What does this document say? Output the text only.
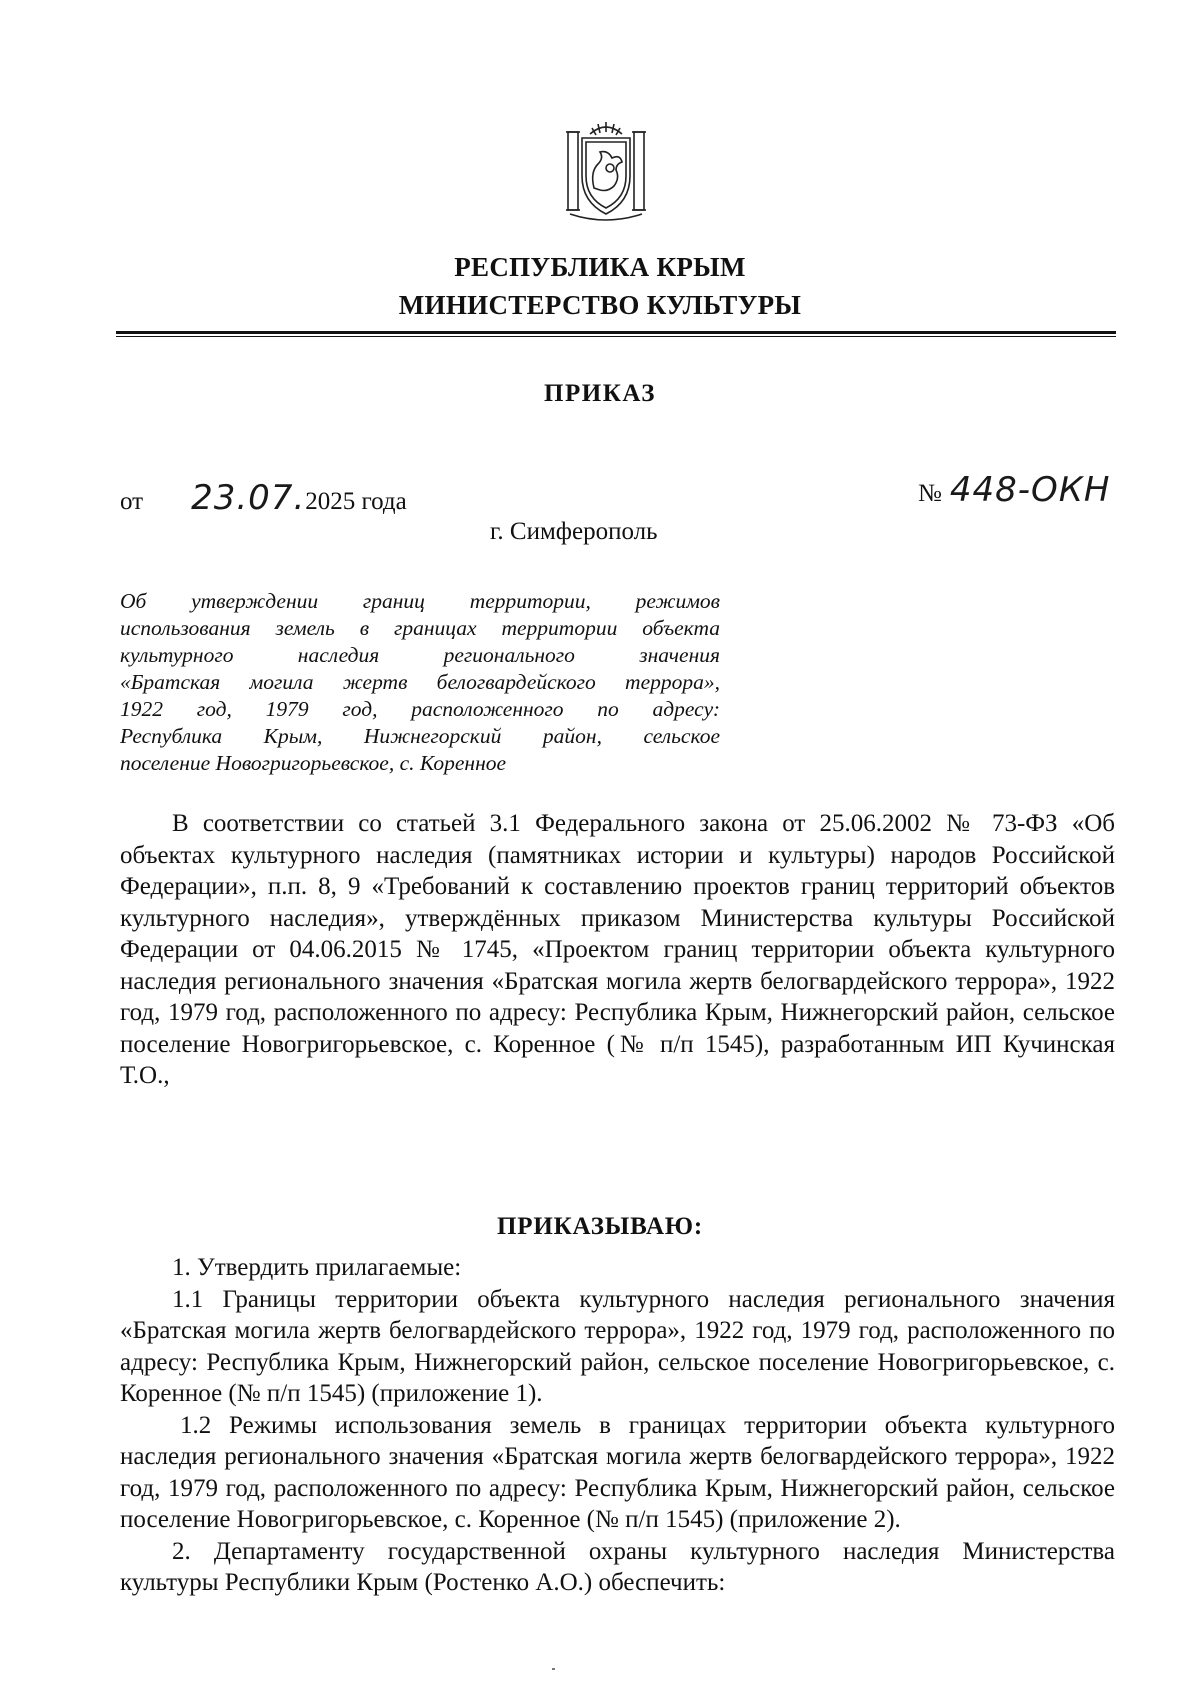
РЕСПУБЛИКА КРЫМ
МИНИСТЕРСТВО КУЛЬТУРЫ
ПРИКАЗ
от 23.07. 2025 года	№ 448-ОКН
г. Симферополь
Об утверждении границ территории, режимов
использования земель в границах территории объекта
культурного наследия регионального значения
«Братская могила жертв белогвардейского террора»,
1922 год, 1979 год, расположенного по адресу:
Республика Крым, Нижнегорский район, сельское
поселение Новогригорьевское, с. Коренное

В соответствии со статьей 3.1 Федерального закона от 25.06.2002 № 73-ФЗ «Об объектах культурного наследия (памятниках истории и культуры) народов Российской Федерации», п.п. 8, 9 «Требований к составлению проектов границ территорий объектов культурного наследия», утверждённых приказом Министерства культуры Российской Федерации от 04.06.2015 № 1745, «Проектом границ территории объекта культурного наследия регионального значения «Братская могила жертв белогвардейского террора», 1922 год, 1979 год, расположенного по адресу: Республика Крым, Нижнегорский район, сельское поселение Новогригорьевское, с. Коренное (№ п/п 1545), разработанным ИП Кучинская Т.О.,

ПРИКАЗЫВАЮ:

1. Утвердить прилагаемые:

1.1 Границы территории объекта культурного наследия регионального значения «Братская могила жертв белогвардейского террора», 1922 год, 1979 год, расположенного по адресу: Республика Крым, Нижнегорский район, сельское поселение Новогригорьевское, с. Коренное (№ п/п 1545) (приложение 1).

1.2 Режимы использования земель в границах территории объекта культурного наследия регионального значения «Братская могила жертв белогвардейского террора», 1922 год, 1979 год, расположенного по адресу: Республика Крым, Нижнегорский район, сельское поселение Новогригорьевское, с. Коренное (№ п/п 1545) (приложение 2).

2. Департаменту государственной охраны культурного наследия Министерства культуры Республики Крым (Ростенко А.О.) обеспечить:
